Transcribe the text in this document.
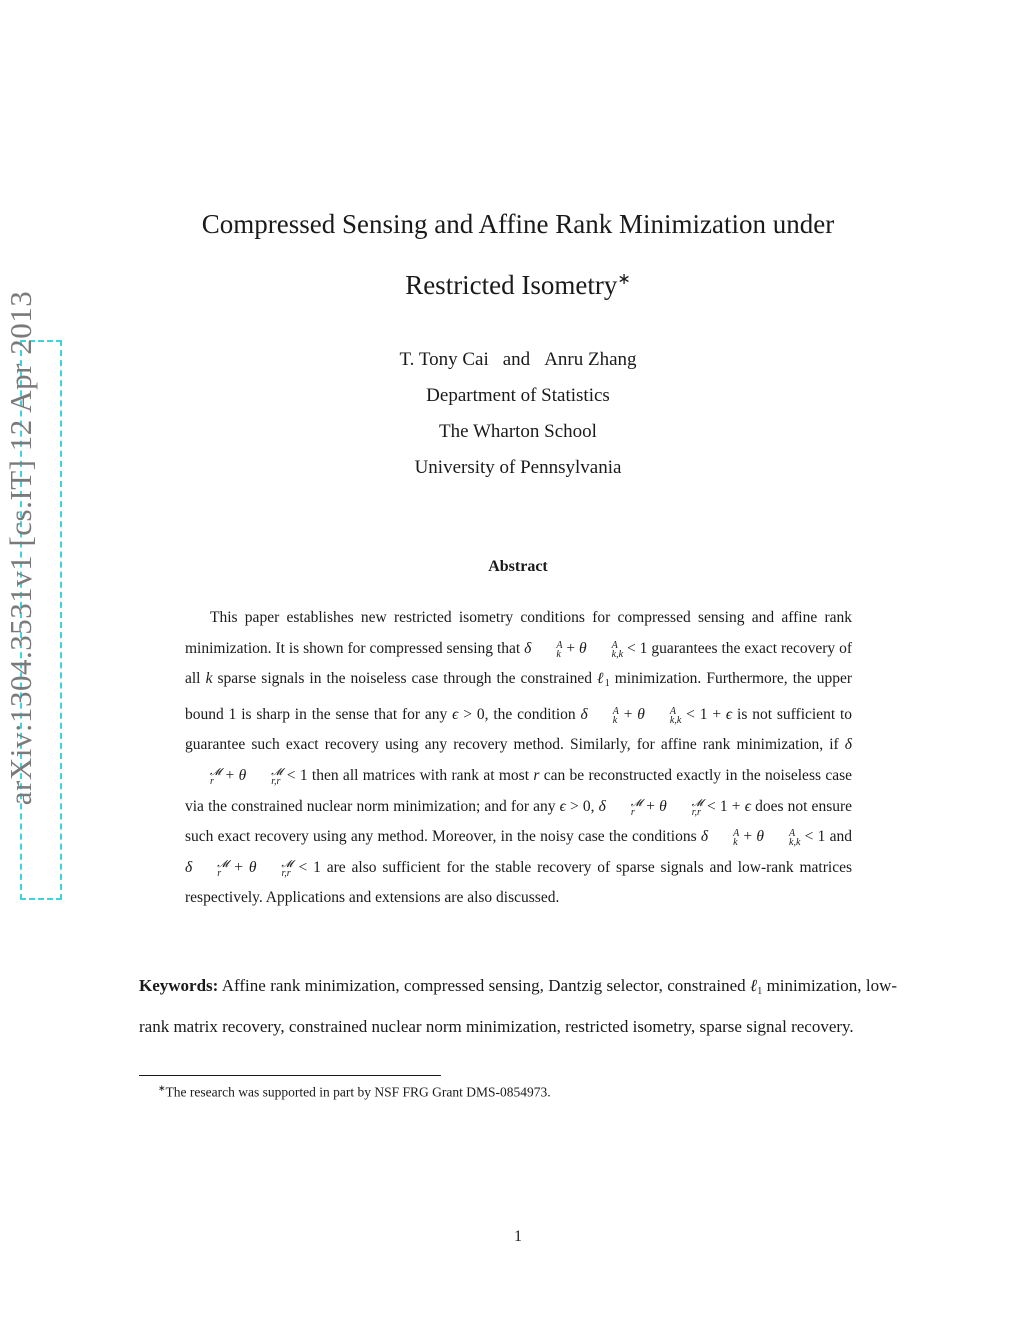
arXiv:1304.3531v1 [cs.IT] 12 Apr 2013
Compressed Sensing and Affine Rank Minimization under
Restricted Isometry∗
T. Tony Cai and Anru Zhang
Department of Statistics
The Wharton School
University of Pennsylvania
Abstract

This paper establishes new restricted isometry conditions for compressed sensing and affine rank minimization. It is shown for compressed sensing that δ	A
k + θ	A
k,k < 1 guarantees the exact recovery of all k sparse signals in the noiseless case through the constrained ℓ$_1$ minimization. Furthermore, the upper bound 1 is sharp in the sense that for any ϵ > 0, the condition δ	A
k + θ	A
k,k < 1 + ϵ is not sufficient to guarantee such exact recovery using any recovery method. Similarly, for affine rank minimization, if δ
𝓜
r + θ	𝓜
r,r < 1 then all matrices with rank at most r can be reconstructed exactly in the noiseless case via the constrained nuclear norm minimization; and for any ϵ > 0, δ	𝓜
r + θ	𝓜
r,r < 1 + ϵ does not ensure such exact recovery using any method. Moreover, in the noisy case the conditions δ	A
k + θ	A
k,k < 1 and δ	𝓜
r + θ	𝓜
r,r < 1 are also sufficient for the stable recovery of sparse signals and low-rank matrices respectively. Applications and extensions are also discussed.

Keywords: Affine rank minimization, compressed sensing, Dantzig selector, constrained ℓ$_1$ minimization, low-rank matrix recovery, constrained nuclear norm minimization, restricted isometry, sparse signal recovery.

∗The research was supported in part by NSF FRG Grant DMS-0854973.
1
